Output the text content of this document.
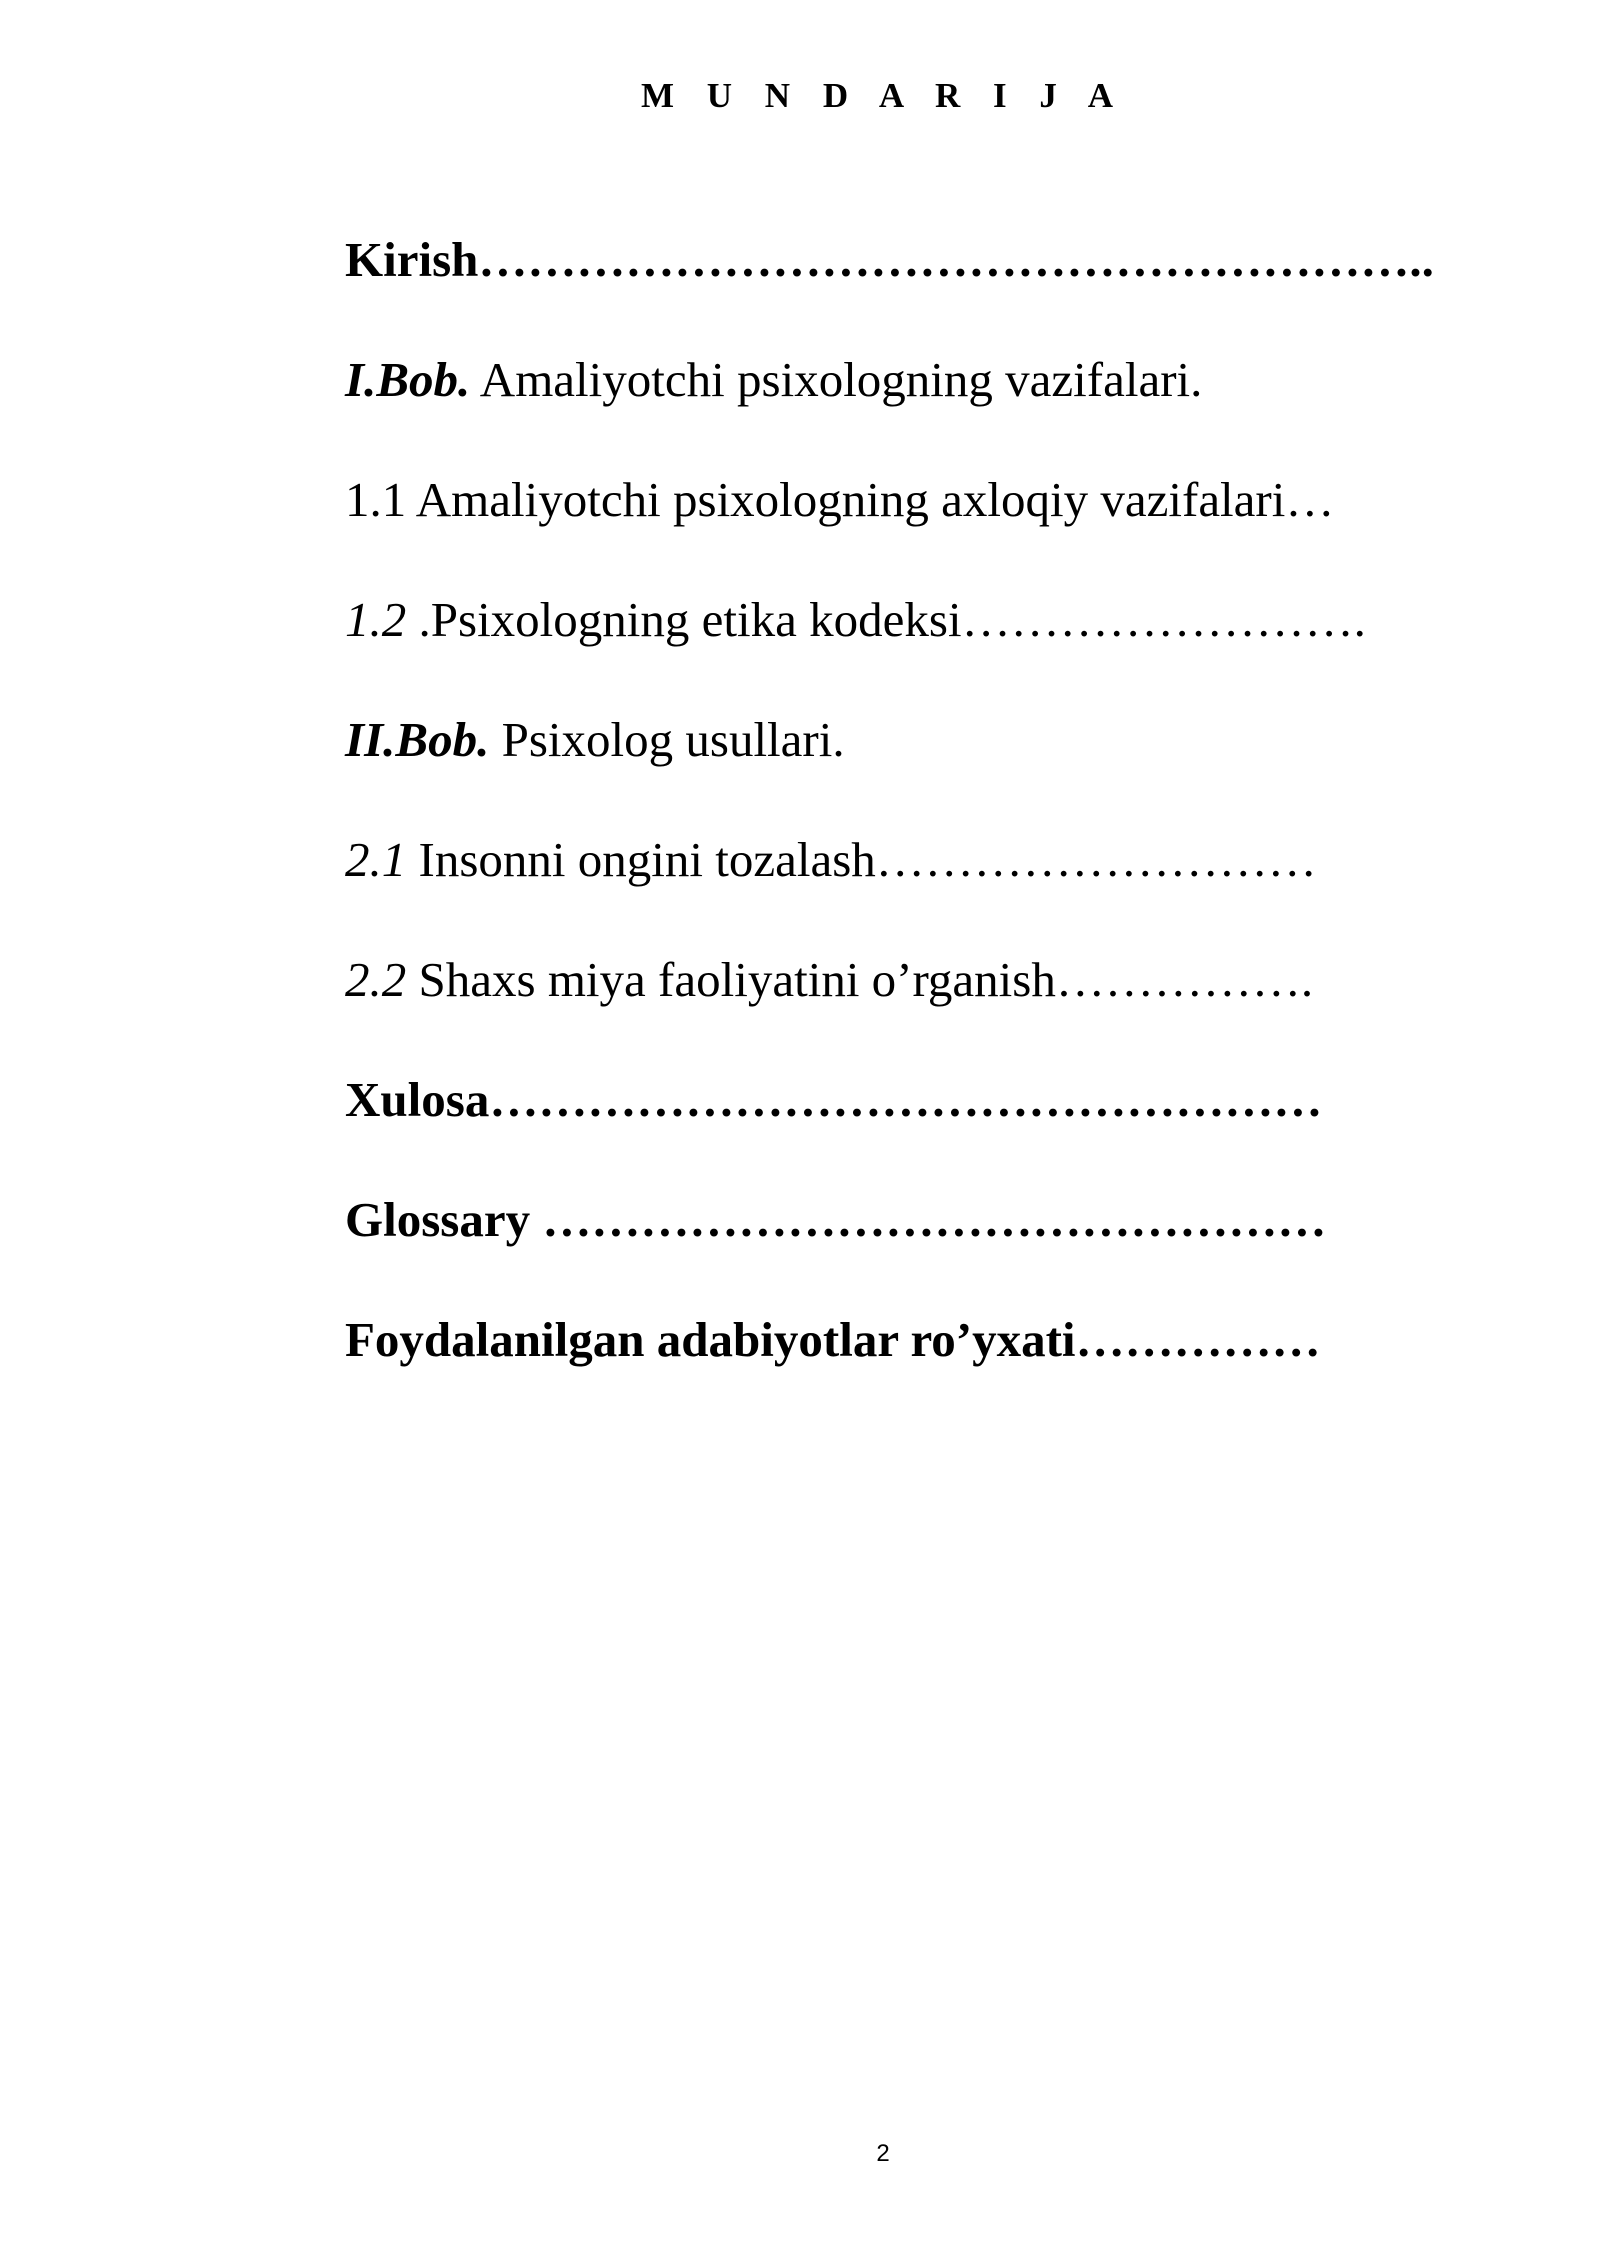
M U N D A R I J A
Kirish…………………………………………………..
I.Bob. Amaliyotchi psixologning vazifalari.
1.1 Amaliyotchi psixologning axloqiy vazifalari…
1.2 .Psixologning etika kodeksi…………………….
II.Bob. Psixolog usullari.
2.1 Insonni ongini tozalash………………………
2.2 Shaxs miya faoliyatini o’rganish…………….
Xulosa……………………………………………
Glossary …………………………………………
Foydalanilgan adabiyotlar ro’yxati……………
2
